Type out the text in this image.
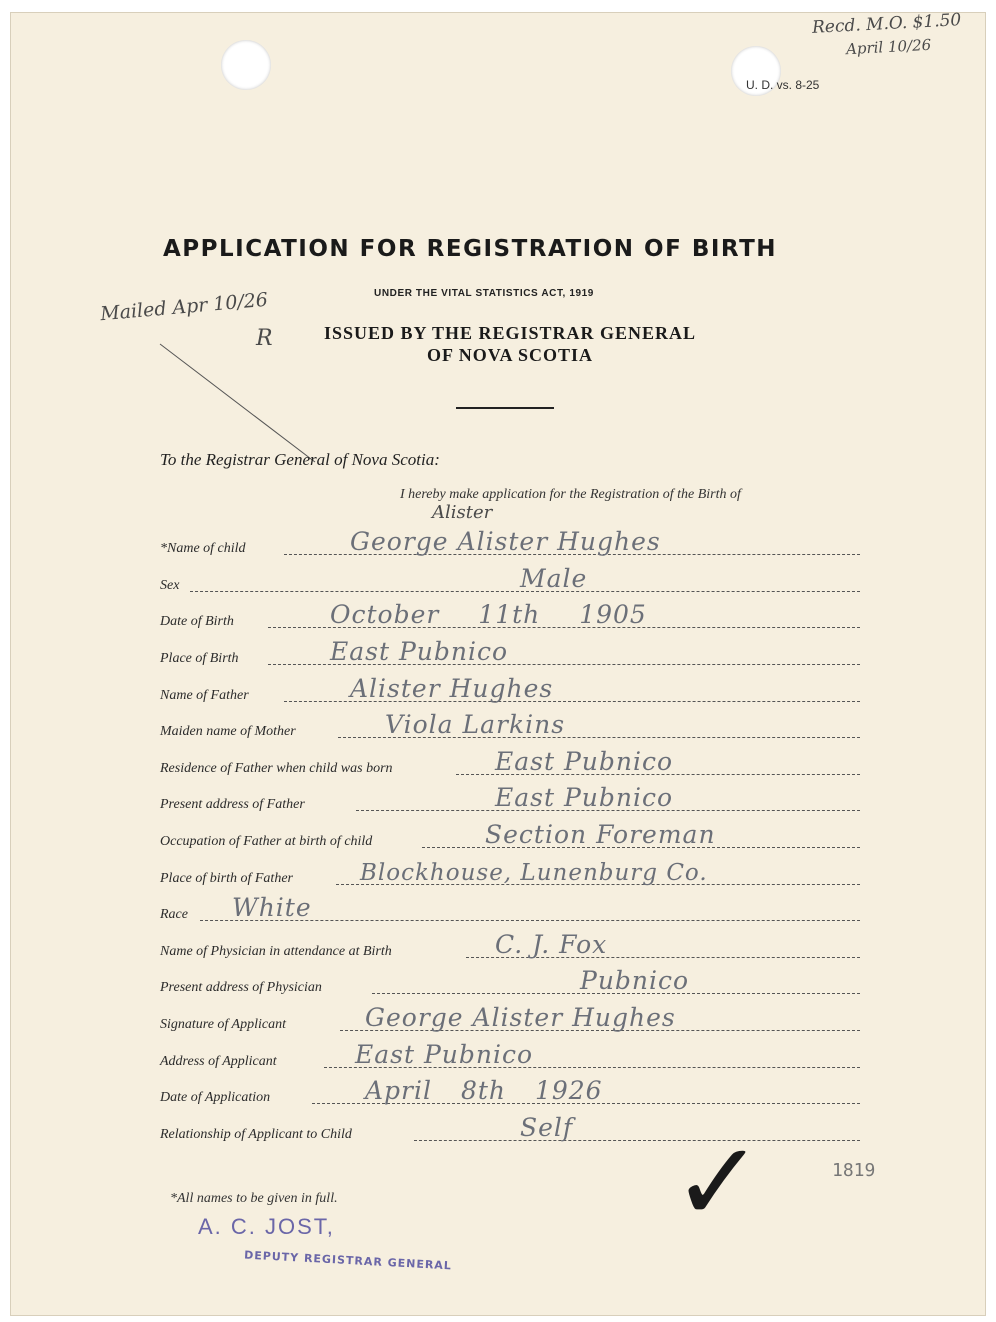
Recd. M.O. $1.50
April 10/26
U. D. vs. 8-25
APPLICATION FOR REGISTRATION OF BIRTH
UNDER THE VITAL STATISTICS ACT, 1919
Mailed Apr 10/26
R	ISSUED BY THE REGISTRAR GENERAL
OF NOVA SCOTIA
To the Registrar General of Nova Scotia:
I hereby make application for the Registration of the Birth of
Alister
*Name of child	George Alister Hughes
Sex	Male
Date of Birth	October 11th 1905
Place of Birth	East Pubnico
Name of Father	Alister Hughes
Maiden name of Mother	Viola Larkins
Residence of Father when child was born	East Pubnico
Present address of Father	East Pubnico
Occupation of Father at birth of child	Section Foreman
Place of birth of Father	Blockhouse, Lunenburg Co.
Race White
Name of Physician in attendance at Birth	C. J. Fox
Present address of Physician	Pubnico
Signature of Applicant	George Alister Hughes
Address of Applicant	East Pubnico
Date of Application	April 8th 1926
Relationship of Applicant to Child	Self ✓	1819
*All names to be given in full.
A. C. JOST,
DEPUTY REGISTRAR GENERAL
